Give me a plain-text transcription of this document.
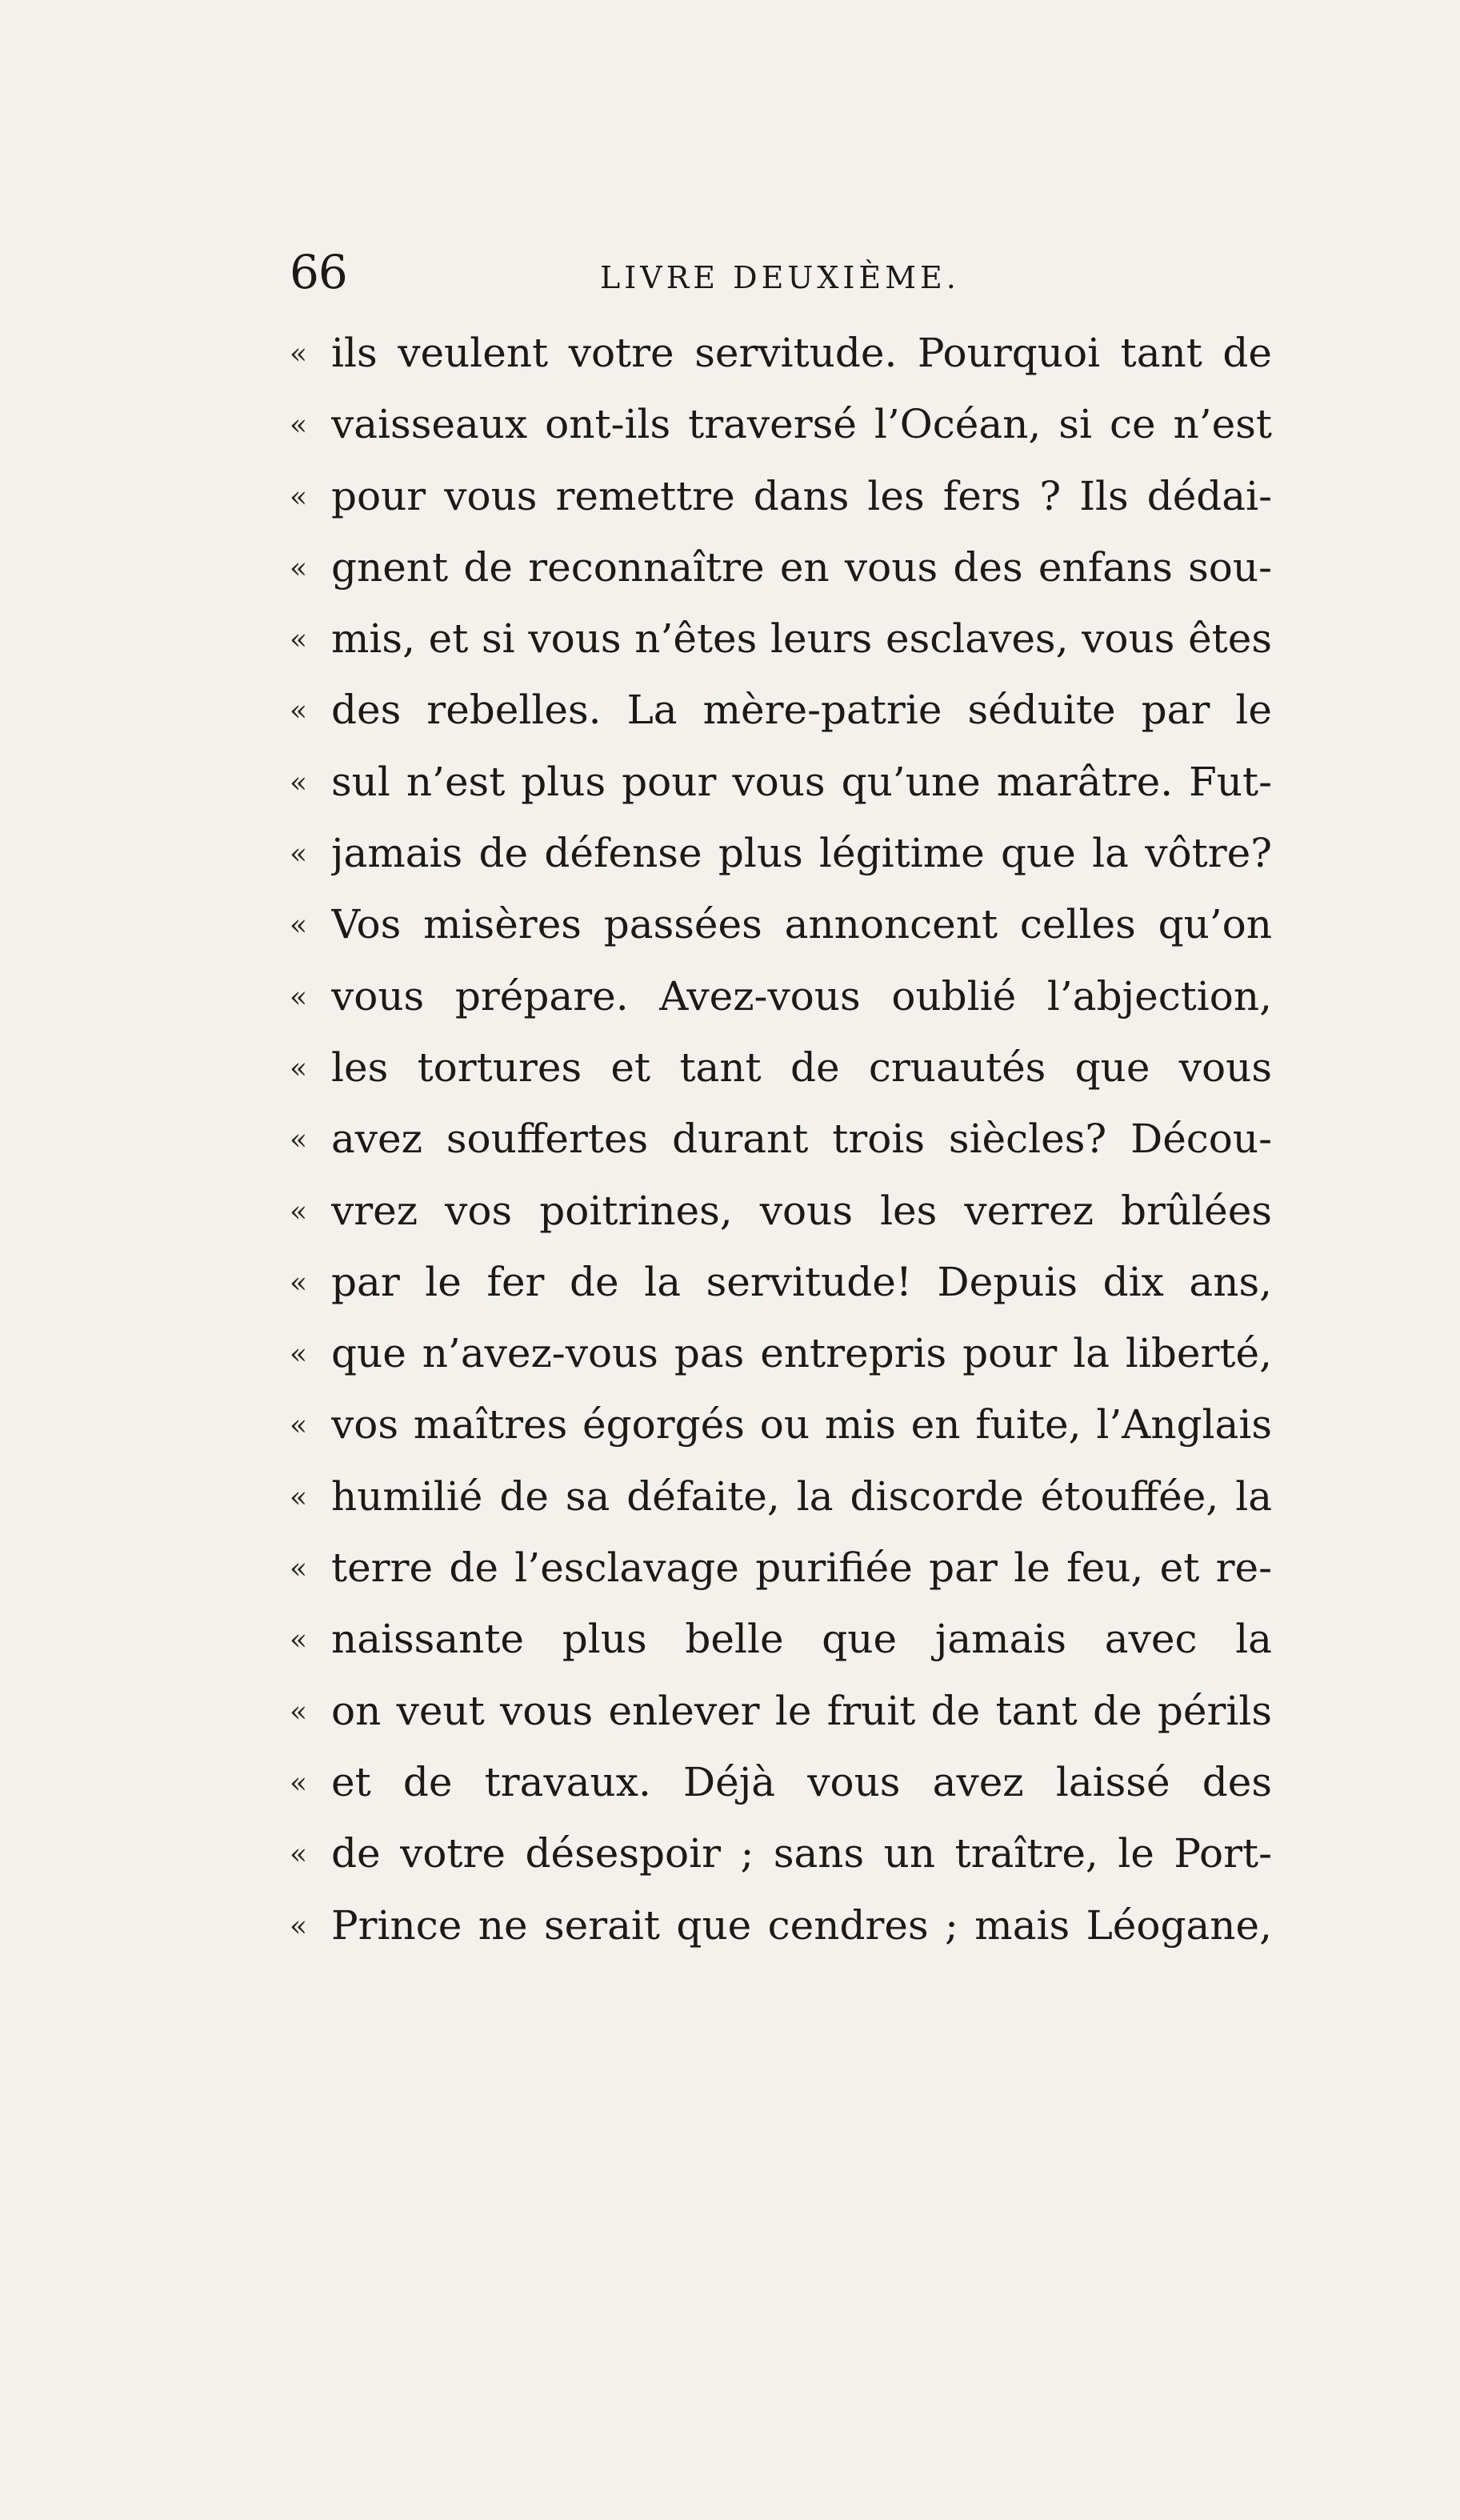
66	LIVRE DEUXIÈME.
« ils veulent votre servitude. Pourquoi tant de
« vaisseaux ont-ils traversé l’Océan, si ce n’est
« pour vous remettre dans les fers ? Ils dédai-
« gnent de reconnaître en vous des enfans sou-
« mis, et si vous n’êtes leurs esclaves, vous êtes
« des rebelles. La mère-patrie séduite par le
« sul n’est plus pour vous qu’une marâtre. Fut-
« jamais de défense plus légitime que la vôtre?
« Vos misères passées annoncent celles qu’on
« vous prépare. Avez-vous oublié l’abjection,
« les tortures et tant de cruautés que vous
« avez souffertes durant trois siècles? Décou-
« vrez vos poitrines, vous les verrez brûlées
« par le fer de la servitude! Depuis dix ans,
« que n’avez-vous pas entrepris pour la liberté,
« vos maîtres égorgés ou mis en fuite, l’Anglais
« humilié de sa défaite, la discorde étouffée, la
« terre de l’esclavage purifiée par le feu, et re-
« naissante plus belle que jamais avec la
« on veut vous enlever le fruit de tant de périls
« et de travaux. Déjà vous avez laissé des
« de votre désespoir ; sans un traître, le Port-
« Prince ne serait que cendres ; mais Léogane,
